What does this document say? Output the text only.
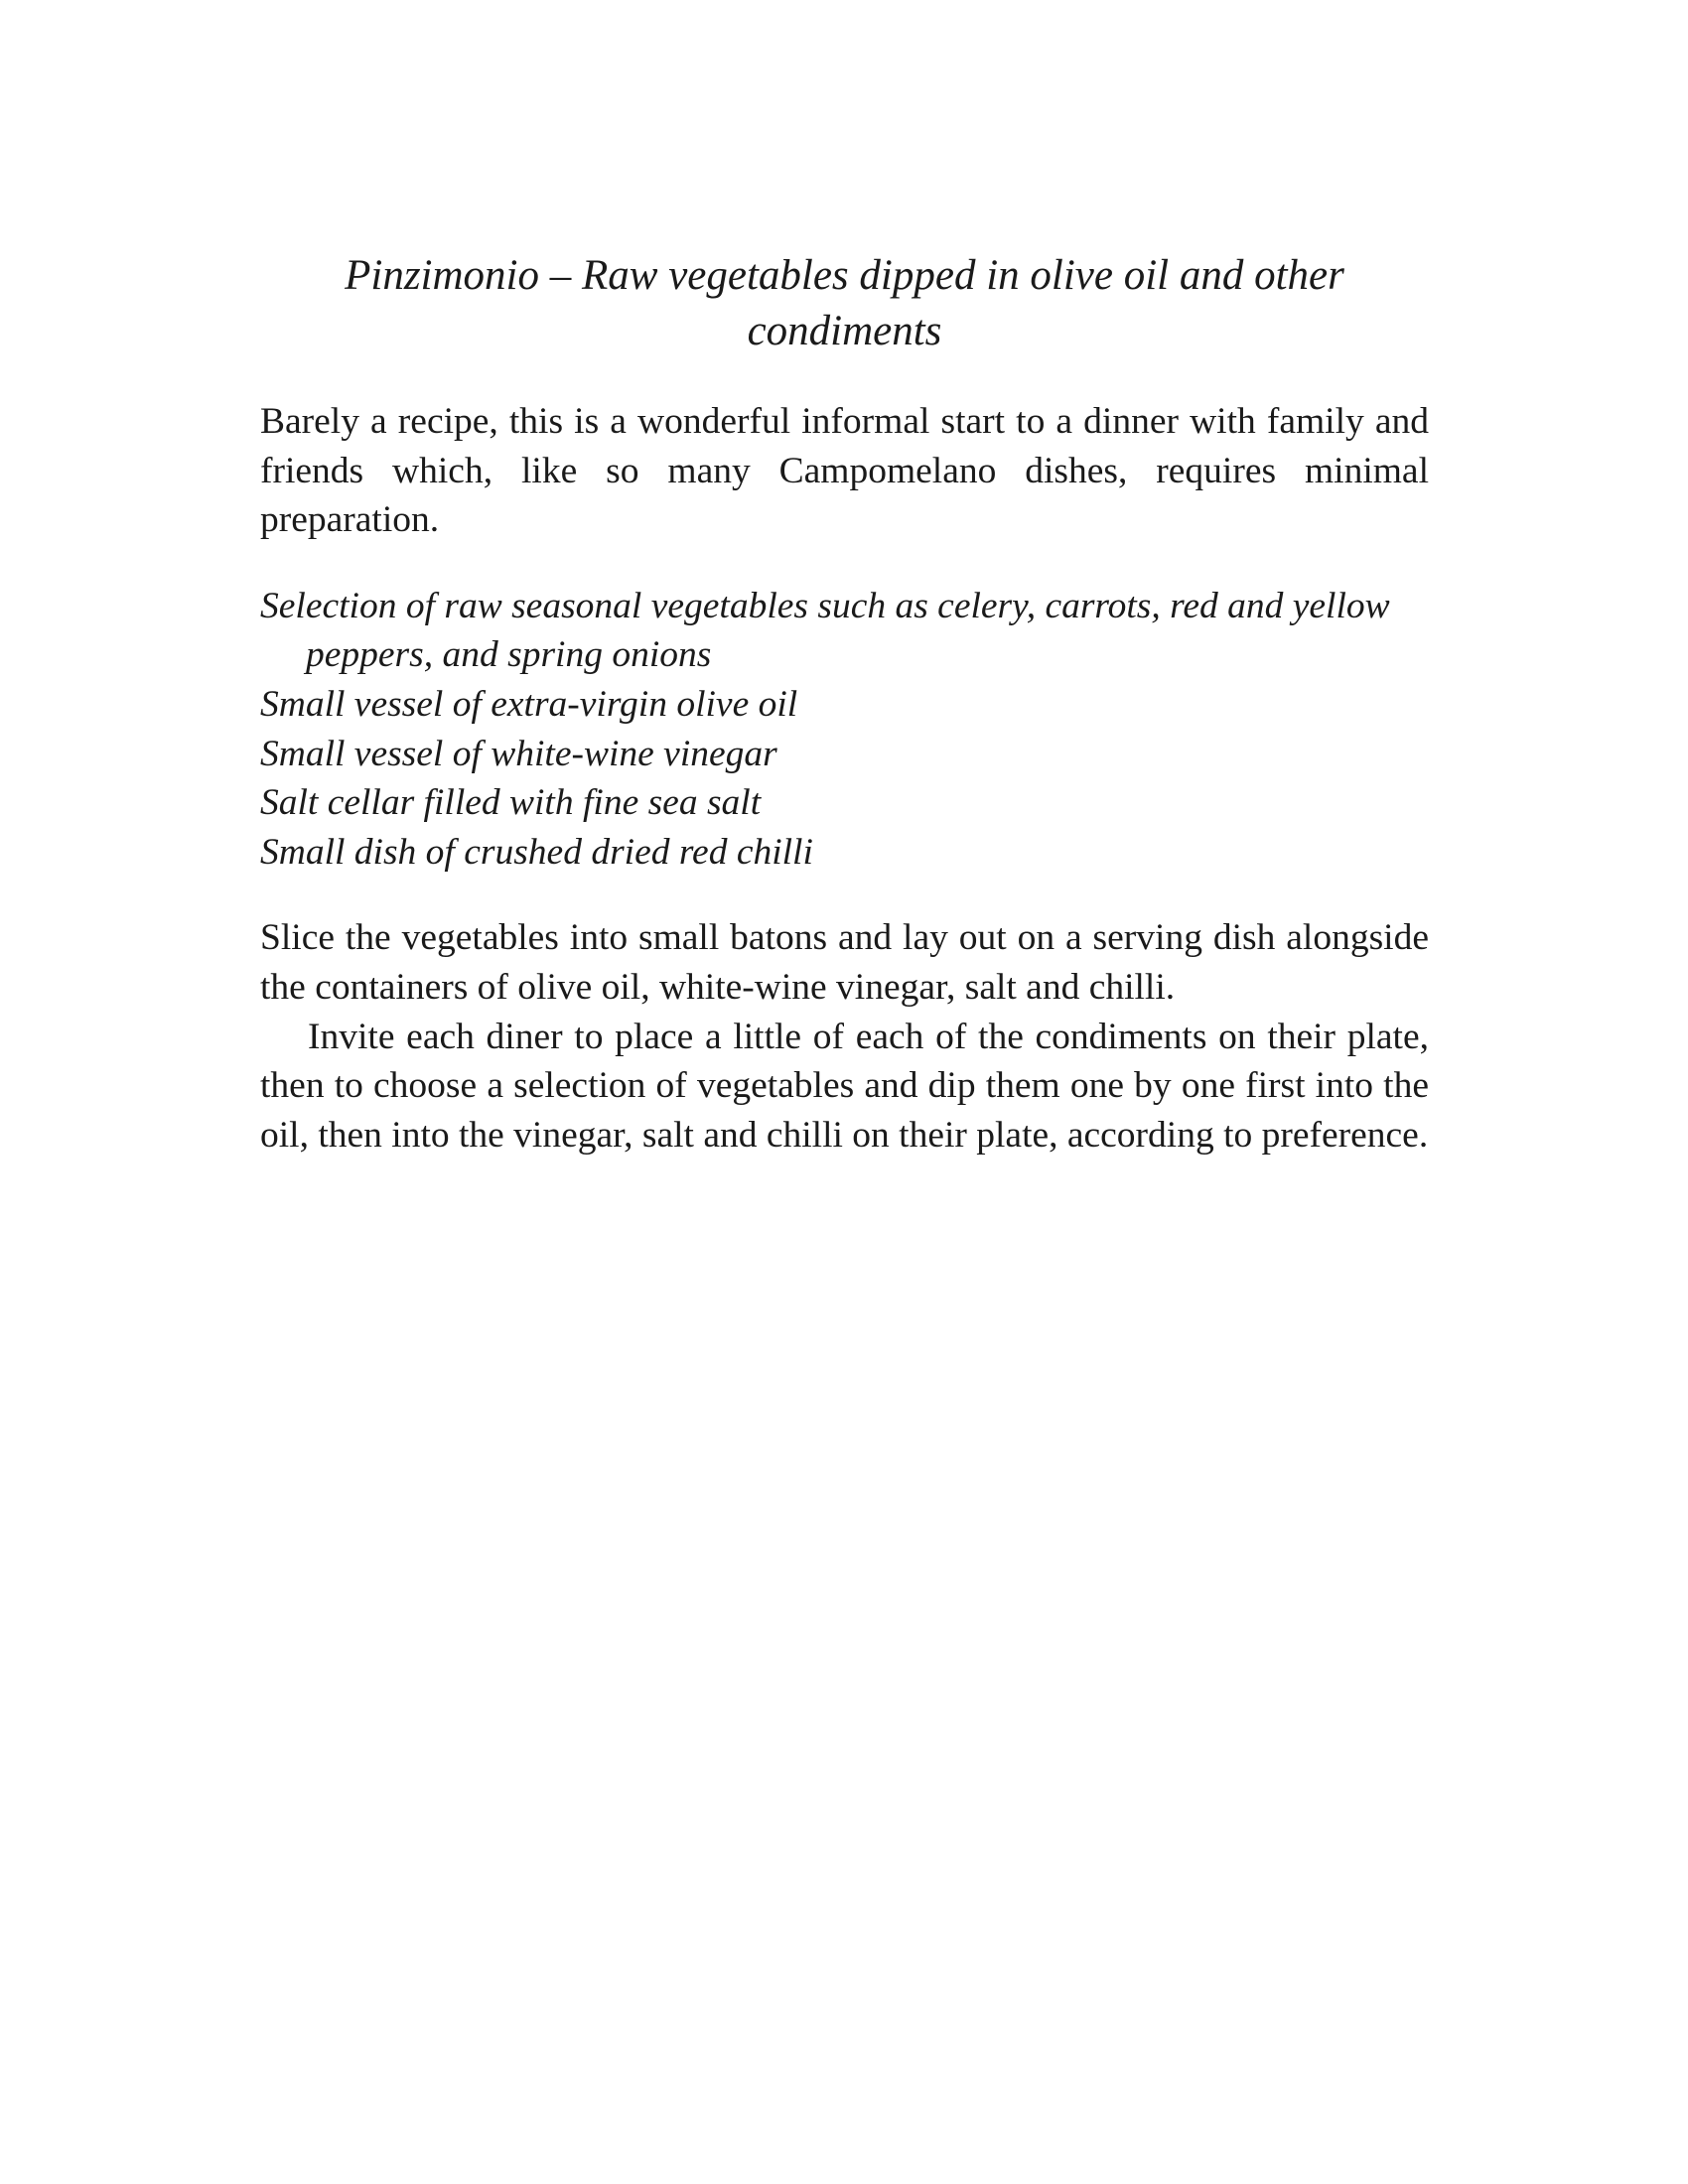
Pinzimonio – Raw vegetables dipped in olive oil and other condiments

Barely a recipe, this is a wonderful informal start to a dinner with family and friends which, like so many Campomelano dishes, requires minimal preparation.

Selection of raw seasonal vegetables such as celery, carrots, red and yellow peppers, and spring onions
Small vessel of extra-virgin olive oil
Small vessel of white-wine vinegar
Salt cellar filled with fine sea salt
Small dish of crushed dried red chilli

Slice the vegetables into small batons and lay out on a serving dish alongside the containers of olive oil, white-wine vinegar, salt and chilli.

Invite each diner to place a little of each of the condiments on their plate, then to choose a selection of vegetables and dip them one by one first into the oil, then into the vinegar, salt and chilli on their plate, according to preference.
